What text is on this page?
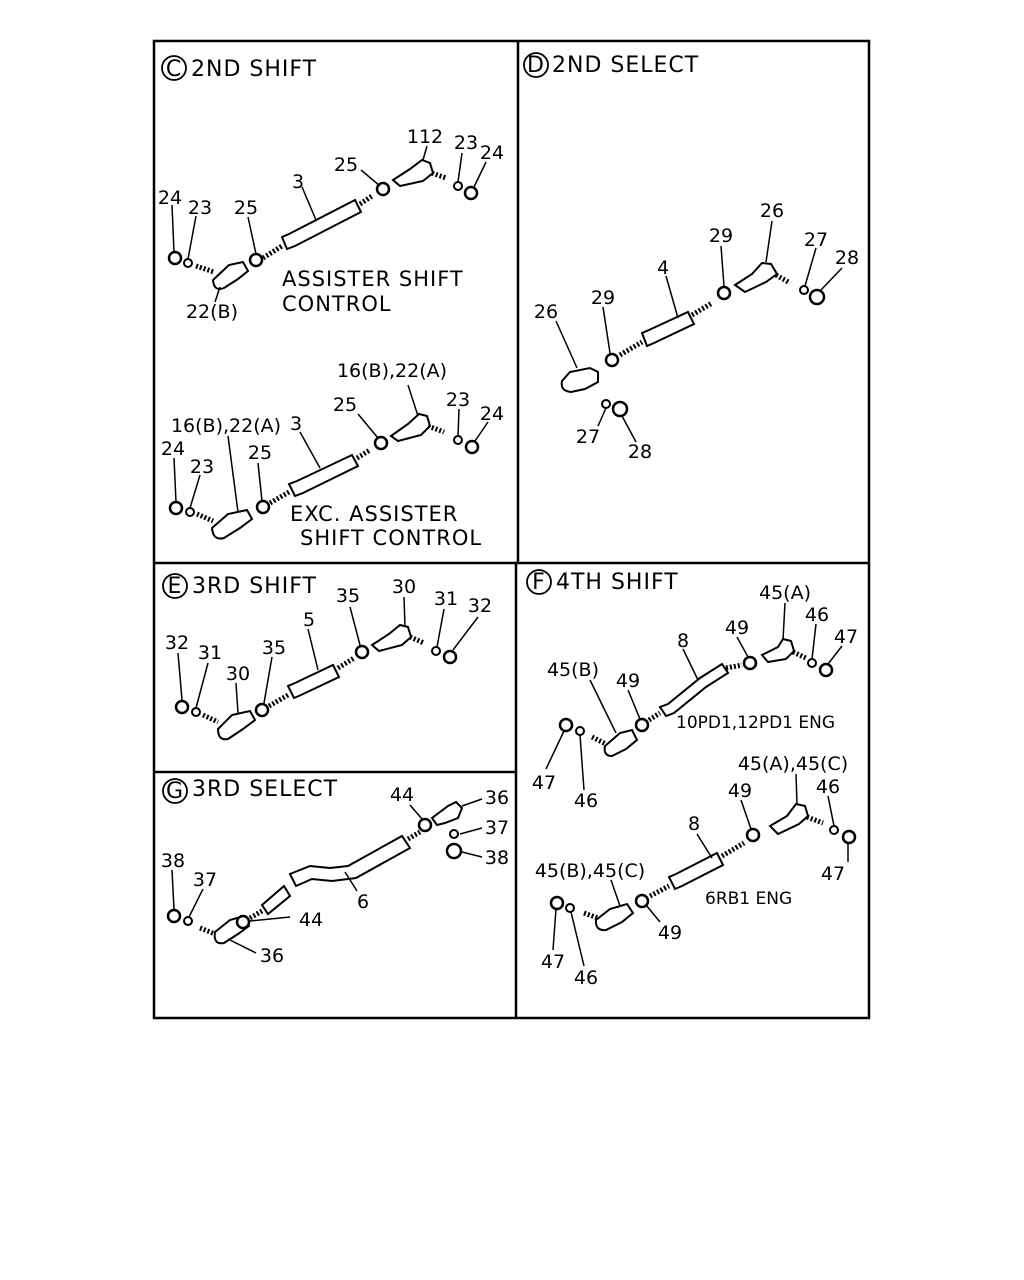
C 2ND SHIFT
112 23 24
25
3
24 23 25
22(B)
ASSISTER SHIFT
CONTROL
16(B),22(A)
25	23
24
16(B),22(A) 3
24
23
25
EXC. ASSISTER
SHIFT CONTROL
D 2ND SELECT
26
29
27
28
4
29
26
27
28
E 3RD SHIFT 35 30
31 32
5
35
32 31
30
F 4TH SHIFT	45(A)
46
47
49
8
45(B) 49
47
46
10PD1,12PD1 ENG
45(A),45(C)
46
49
8
47
45(B),45(C)
49
47
46
6RB1 ENG
G 3RD SELECT	44	36
37
38
6
44
38
37
36
